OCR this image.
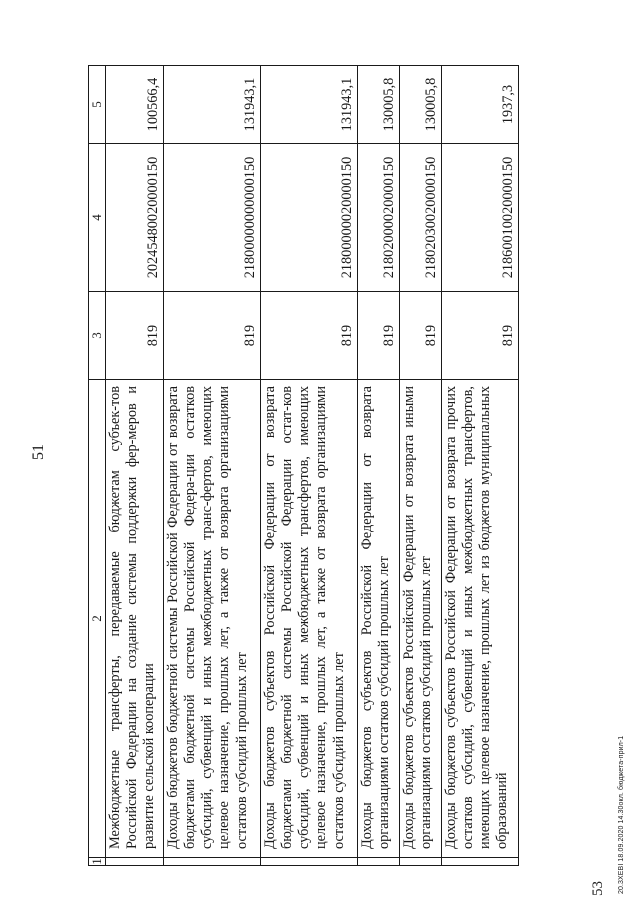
51
1	2	3	4	5
	Межбюджетные трансферты, передаваемые бюджетам субъек-тов Российской Федерации на создание системы поддержки фер-меров и развитие сельской кооперации	819	20245480020000150	100566,4
	Доходы бюджетов бюджетной системы Российской Федерации от возврата бюджетами бюджетной системы Российской Федера-ции остатков субсидий, субвенций и иных межбюджетных транс-фертов, имеющих целевое назначение, прошлых лет, а также от возврата организациями остатков субсидий прошлых лет	819	21800000000000150	131943,1
	Доходы бюджетов субъектов Российской Федерации от возврата бюджетами бюджетной системы Российской Федерации остат-ков субсидий, субвенций и иных межбюджетных трансфертов, имеющих целевое назначение, прошлых лет, а также от возврата организациями остатков субсидий прошлых лет	819	21800000020000150	131943,1
	Доходы бюджетов субъектов Российской Федерации от возврата организациями остатков субсидий прошлых лет	819	21802000020000150	130005,8
	Доходы бюджетов субъектов Российской Федерации от возврата иными организациями остатков субсидий прошлых лет	819	21802030020000150	130005,8
	Доходы бюджетов субъектов Российской Федерации от возврата прочих остатков субсидий, субвенций и иных межбюджетных трансфертов, имеющих целевое назначение, прошлых лет из бюджетов муниципальных образований	819	21860010020000150	1937,3
53 20.3XEBI 18.09.2020 14.30окл. бюджета-прил-1
